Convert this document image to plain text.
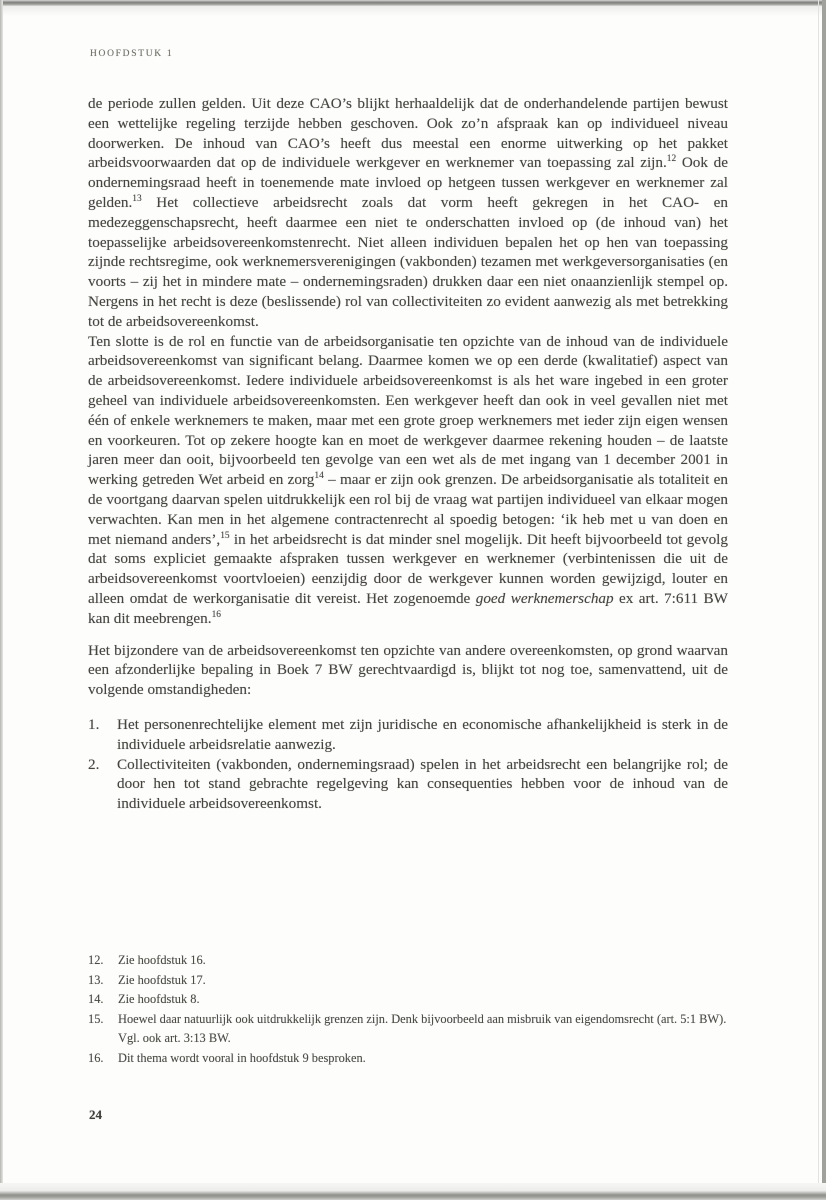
HOOFDSTUK 1

de periode zullen gelden. Uit deze CAO’s blijkt herhaaldelijk dat de onderhandelende partijen bewust een wettelijke regeling terzijde hebben geschoven. Ook zo’n afspraak kan op individueel niveau doorwerken. De inhoud van CAO’s heeft dus meestal een enorme uitwerking op het pakket arbeidsvoorwaarden dat op de individuele werkgever en werknemer van toepassing zal zijn.$^{12}$ Ook de ondernemingsraad heeft in toenemende mate invloed op hetgeen tussen werkgever en werknemer zal gelden.$^{13}$ Het collectieve arbeidsrecht zoals dat vorm heeft gekregen in het CAO- en medezeggenschapsrecht, heeft daarmee een niet te onderschatten invloed op (de inhoud van) het toepasselijke arbeidsovereenkomstenrecht. Niet alleen individuen bepalen het op hen van toepassing zijnde rechtsregime, ook werknemersverenigingen (vakbonden) tezamen met werkgeversorganisaties (en voorts – zij het in mindere mate – ondernemingsraden) drukken daar een niet onaanzienlijk stempel op. Nergens in het recht is deze (beslissende) rol van collectiviteiten zo evident aanwezig als met betrekking tot de arbeidsovereenkomst.

Ten slotte is de rol en functie van de arbeidsorganisatie ten opzichte van de inhoud van de individuele arbeidsovereenkomst van significant belang. Daarmee komen we op een derde (kwalitatief) aspect van de arbeidsovereenkomst. Iedere individuele arbeidsovereenkomst is als het ware ingebed in een groter geheel van individuele arbeidsovereenkomsten. Een werkgever heeft dan ook in veel gevallen niet met één of enkele werknemers te maken, maar met een grote groep werknemers met ieder zijn eigen wensen en voorkeuren. Tot op zekere hoogte kan en moet de werkgever daarmee rekening houden – de laatste jaren meer dan ooit, bijvoorbeeld ten gevolge van een wet als de met ingang van 1 december 2001 in werking getreden Wet arbeid en zorg$^{14}$ – maar er zijn ook grenzen. De arbeidsorganisatie als totaliteit en de voortgang daarvan spelen uitdrukkelijk een rol bij de vraag wat partijen individueel van elkaar mogen verwachten. Kan men in het algemene contractenrecht al spoedig betogen: ‘ik heb met u van doen en met niemand anders’,$^{15}$ in het arbeidsrecht is dat minder snel mogelijk. Dit heeft bijvoorbeeld tot gevolg dat soms expliciet gemaakte afspraken tussen werkgever en werknemer (verbintenissen die uit de arbeidsovereenkomst voortvloeien) eenzijdig door de werkgever kunnen worden gewijzigd, louter en alleen omdat de werkorganisatie dit vereist. Het zogenoemde goed werknemerschap ex art. 7:611 BW kan dit meebrengen.$^{16}$

Het bijzondere van de arbeidsovereenkomst ten opzichte van andere overeenkomsten, op grond waarvan een afzonderlijke bepaling in Boek 7 BW gerechtvaardigd is, blijkt tot nog toe, samenvattend, uit de volgende omstandigheden:

1.	Het personenrechtelijke element met zijn juridische en economische afhankelijkheid is sterk in de individuele arbeidsrelatie aanwezig.
2.	Collectiviteiten (vakbonden, ondernemingsraad) spelen in het arbeidsrecht een belangrijke rol; de door hen tot stand gebrachte regelgeving kan consequenties hebben voor de inhoud van de individuele arbeidsovereenkomst.
12.	Zie hoofdstuk 16.
13.	Zie hoofdstuk 17.
14.	Zie hoofdstuk 8.
15.	Hoewel daar natuurlijk ook uitdrukkelijk grenzen zijn. Denk bijvoorbeeld aan misbruik van eigendomsrecht (art. 5:1 BW). Vgl. ook art. 3:13 BW.
16.	Dit thema wordt vooral in hoofdstuk 9 besproken.
24
